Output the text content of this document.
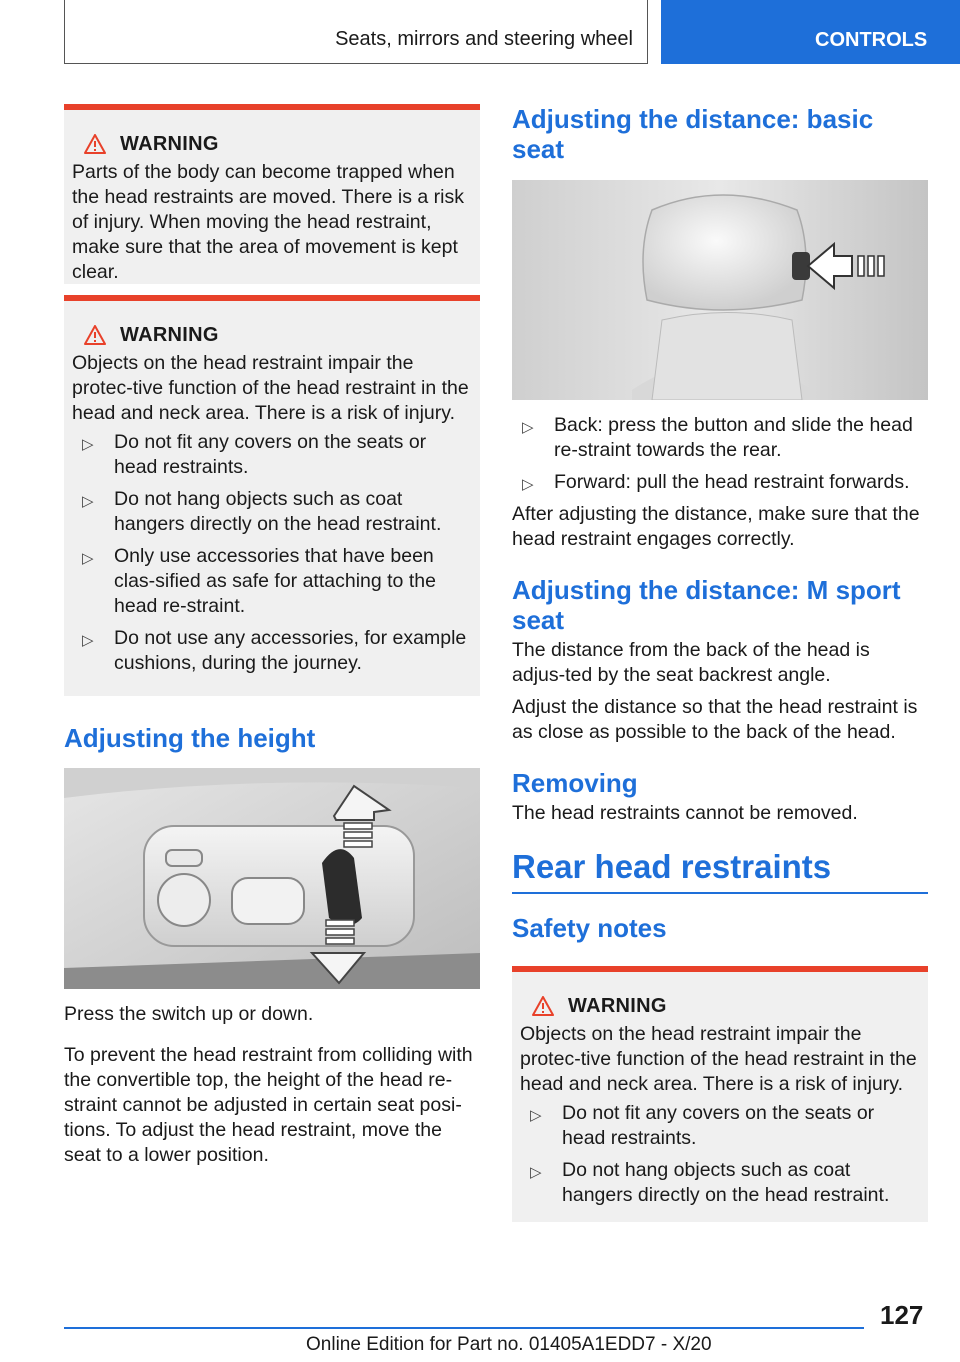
Seats, mirrors and steering wheel	CONTROLS
WARNING

Parts of the body can become trapped when the head restraints are moved. There is a risk of injury. When moving the head restraint, make sure that the area of movement is kept clear.

WARNING

Objects on the head restraint impair the protec‐tive function of the head restraint in the head and neck area. There is a risk of injury.

▷ Do not fit any covers on the seats or head restraints.
▷ Do not hang objects such as coat hangers directly on the head restraint.
▷ Only use accessories that have been clas‐sified as safe for attaching to the head re‐straint.
▷ Do not use any accessories, for example cushions, during the journey.
Adjusting the height

Press the switch up or down.

To prevent the head restraint from colliding with the convertible top, the height of the head re‐straint cannot be adjusted in certain seat posi‐tions. To adjust the head restraint, move the seat to a lower position.

Adjusting the distance: basic seat
▷ Back: press the button and slide the head re‐straint towards the rear.
▷ Forward: pull the head restraint forwards.

After adjusting the distance, make sure that the head restraint engages correctly.

Adjusting the distance: M sport seat

The distance from the back of the head is adjus‐ted by the seat backrest angle.

Adjust the distance so that the head restraint is as close as possible to the back of the head.

Removing

The head restraints cannot be removed.

Rear head restraints
Safety notes
WARNING

Objects on the head restraint impair the protec‐tive function of the head restraint in the head and neck area. There is a risk of injury.

▷ Do not fit any covers on the seats or head restraints.
▷ Do not hang objects such as coat hangers directly on the head restraint.
127
Online Edition for Part no. 01405A1EDD7 - X/20
